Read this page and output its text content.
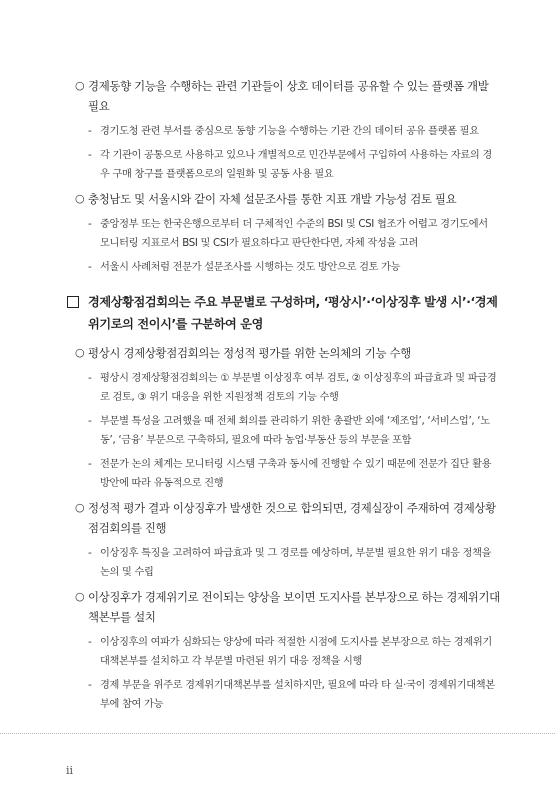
○ 경제동향 기능을 수행하는 관련 기관들이 상호 데이터를 공유할 수 있는 플랫폼 개발 필요
- 경기도청 관련 부서를 중심으로 동향 기능을 수행하는 기관 간의 데이터 공유 플랫폼 필요
- 각 기관이 공통으로 사용하고 있으나 개별적으로 민간부문에서 구입하여 사용하는 자료의 경우 구매 창구를 플랫폼으로의 일원화 및 공동 사용 필요
○ 충청남도 및 서울시와 같이 자체 설문조사를 통한 지표 개발 가능성 검토 필요
- 중앙정부 또는 한국은행으로부터 더 구체적인 수준의 BSI 및 CSI 협조가 어렵고 경기도에서 모니터링 지표로서 BSI 및 CSI가 필요하다고 판단한다면, 자체 작성을 고려
- 서울시 사례처럼 전문가 설문조사를 시행하는 것도 방안으로 검토 가능
경제상황점검회의는 주요 부문별로 구성하며, ‘평상시’·‘이상징후 발생 시’·‘경제위기로의 전이시’를 구분하여 운영
○ 평상시 경제상황점검회의는 정성적 평가를 위한 논의체의 기능 수행
- 평상시 경제상황점검회의는 ① 부문별 이상징후 여부 검토, ② 이상징후의 파급효과 및 파급경로 검토, ③ 위기 대응을 위한 지원정책 검토의 기능 수행
- 부문별 특성을 고려했을 때 전체 회의를 관리하기 위한 총괄반 외에 ‘제조업’, ‘서비스업’, ‘노동’, ‘금융’ 부문으로 구축하되, 필요에 따라 농업·부동산 등의 부문을 포함
- 전문가 논의 체계는 모니터링 시스템 구축과 동시에 진행할 수 있기 때문에 전문가 집단 활용 방안에 따라 유동적으로 진행
○ 정성적 평가 결과 이상징후가 발생한 것으로 합의되면, 경제실장이 주재하여 경제상황점검회의를 진행
- 이상징후 특징을 고려하여 파급효과 및 그 경로를 예상하며, 부문별 필요한 위기 대응 정책을 논의 및 수립
○ 이상징후가 경제위기로 전이되는 양상을 보이면 도지사를 본부장으로 하는 경제위기대책본부를 설치
- 이상징후의 여파가 심화되는 양상에 따라 적절한 시점에 도지사를 본부장으로 하는 경제위기대책본부를 설치하고 각 부문별 마련된 위기 대응 정책을 시행
- 경제 부문을 위주로 경제위기대책본부를 설치하지만, 필요에 따라 타 실·국이 경제위기대책본부에 참여 가능
ii
